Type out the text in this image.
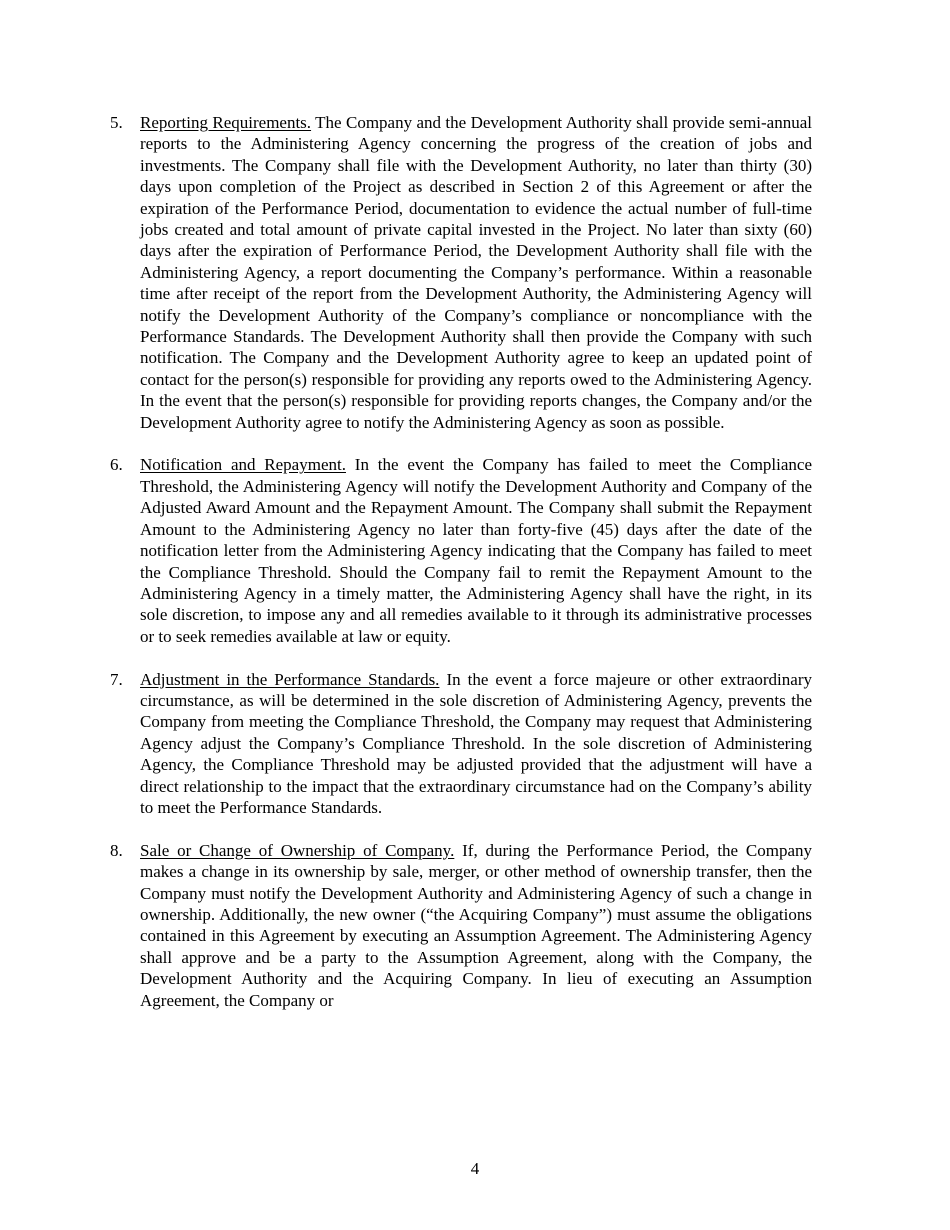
5. Reporting Requirements. The Company and the Development Authority shall provide semi-annual reports to the Administering Agency concerning the progress of the creation of jobs and investments. The Company shall file with the Development Authority, no later than thirty (30) days upon completion of the Project as described in Section 2 of this Agreement or after the expiration of the Performance Period, documentation to evidence the actual number of full-time jobs created and total amount of private capital invested in the Project. No later than sixty (60) days after the expiration of Performance Period, the Development Authority shall file with the Administering Agency, a report documenting the Company’s performance. Within a reasonable time after receipt of the report from the Development Authority, the Administering Agency will notify the Development Authority of the Company’s compliance or noncompliance with the Performance Standards. The Development Authority shall then provide the Company with such notification. The Company and the Development Authority agree to keep an updated point of contact for the person(s) responsible for providing any reports owed to the Administering Agency. In the event that the person(s) responsible for providing reports changes, the Company and/or the Development Authority agree to notify the Administering Agency as soon as possible.
6. Notification and Repayment. In the event the Company has failed to meet the Compliance Threshold, the Administering Agency will notify the Development Authority and Company of the Adjusted Award Amount and the Repayment Amount. The Company shall submit the Repayment Amount to the Administering Agency no later than forty-five (45) days after the date of the notification letter from the Administering Agency indicating that the Company has failed to meet the Compliance Threshold. Should the Company fail to remit the Repayment Amount to the Administering Agency in a timely matter, the Administering Agency shall have the right, in its sole discretion, to impose any and all remedies available to it through its administrative processes or to seek remedies available at law or equity.
7. Adjustment in the Performance Standards. In the event a force majeure or other extraordinary circumstance, as will be determined in the sole discretion of Administering Agency, prevents the Company from meeting the Compliance Threshold, the Company may request that Administering Agency adjust the Company’s Compliance Threshold. In the sole discretion of Administering Agency, the Compliance Threshold may be adjusted provided that the adjustment will have a direct relationship to the impact that the extraordinary circumstance had on the Company’s ability to meet the Performance Standards.
8. Sale or Change of Ownership of Company. If, during the Performance Period, the Company makes a change in its ownership by sale, merger, or other method of ownership transfer, then the Company must notify the Development Authority and Administering Agency of such a change in ownership. Additionally, the new owner (“the Acquiring Company”) must assume the obligations contained in this Agreement by executing an Assumption Agreement. The Administering Agency shall approve and be a party to the Assumption Agreement, along with the Company, the Development Authority and the Acquiring Company. In lieu of executing an Assumption Agreement, the Company or
4
